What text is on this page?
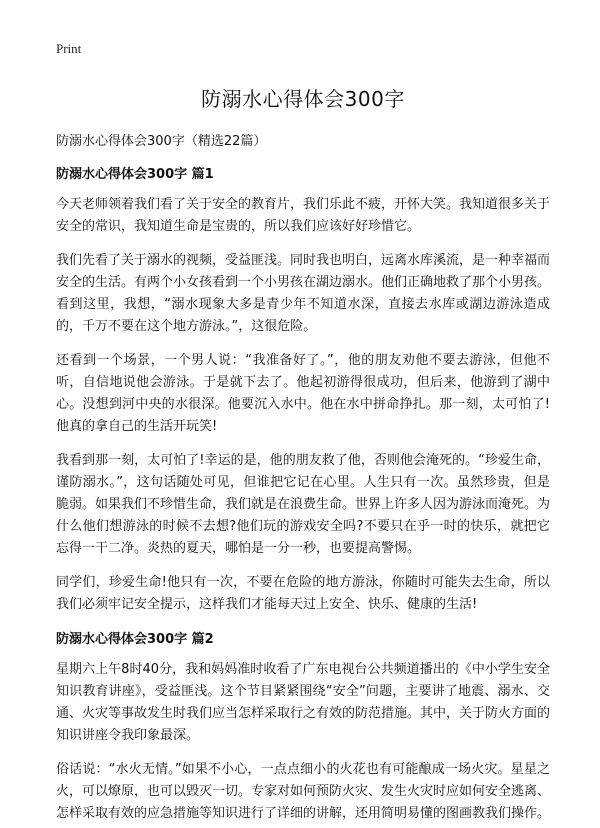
Print
防溺水心得体会300字
防溺水心得体会300字（精选22篇）
防溺水心得体会300字 篇1

今天老师领着我们看了关于安全的教育片，我们乐此不疲，开怀大笑。我知道很多关于安全的常识，我知道生命是宝贵的，所以我们应该好好珍惜它。

我们先看了关于溺水的视频，受益匪浅。同时我也明白，远离水库溪流，是一种幸福而安全的生活。有两个小女孩看到一个小男孩在湖边溺水。他们正确地救了那个小男孩。看到这里，我想，“溺水现象大多是青少年不知道水深，直接去水库或湖边游泳造成的，千万不要在这个地方游泳。”，这很危险。

还看到一个场景，一个男人说：“我准备好了。”，他的朋友劝他不要去游泳，但他不听，自信地说他会游泳。于是就下去了。他起初游得很成功，但后来，他游到了湖中心。没想到河中央的水很深。他要沉入水中。他在水中拼命挣扎。那一刻，太可怕了!他真的拿自己的生活开玩笑!

我看到那一刻，太可怕了!幸运的是，他的朋友救了他，否则他会淹死的。“珍爱生命，谨防溺水。”，这句话随处可见，但谁把它记在心里。人生只有一次。虽然珍贵，但是脆弱。如果我们不珍惜生命，我们就是在浪费生命。世界上许多人因为游泳而淹死。为什么他们想游泳的时候不去想?他们玩的游戏安全吗?不要只在乎一时的快乐，就把它忘得一干二净。炎热的夏天，哪怕是一分一秒，也要提高警惕。

同学们，珍爱生命!他只有一次，不要在危险的地方游泳，你随时可能失去生命，所以我们必须牢记安全提示，这样我们才能每天过上安全、快乐、健康的生活!

防溺水心得体会300字 篇2

星期六上午8时40分，我和妈妈准时收看了广东电视台公共频道播出的《中小学生安全知识教育讲座》，受益匪浅。这个节目紧紧围绕“安全”问题，主要讲了地震、溺水、交通、火灾等事故发生时我们应当怎样采取行之有效的防范措施。其中，关于防火方面的知识讲座令我印象最深。

俗话说：“水火无情。”如果不小心，一点点细小的火花也有可能酿成一场火灾。星星之火，可以燎原，也可以毁灭一切。专家对如何预防火灾、发生火灾时应如何安全逃离、怎样采取有效的应急措施等知识进行了详细的讲解，还用简明易懂的图画教我们操作。
